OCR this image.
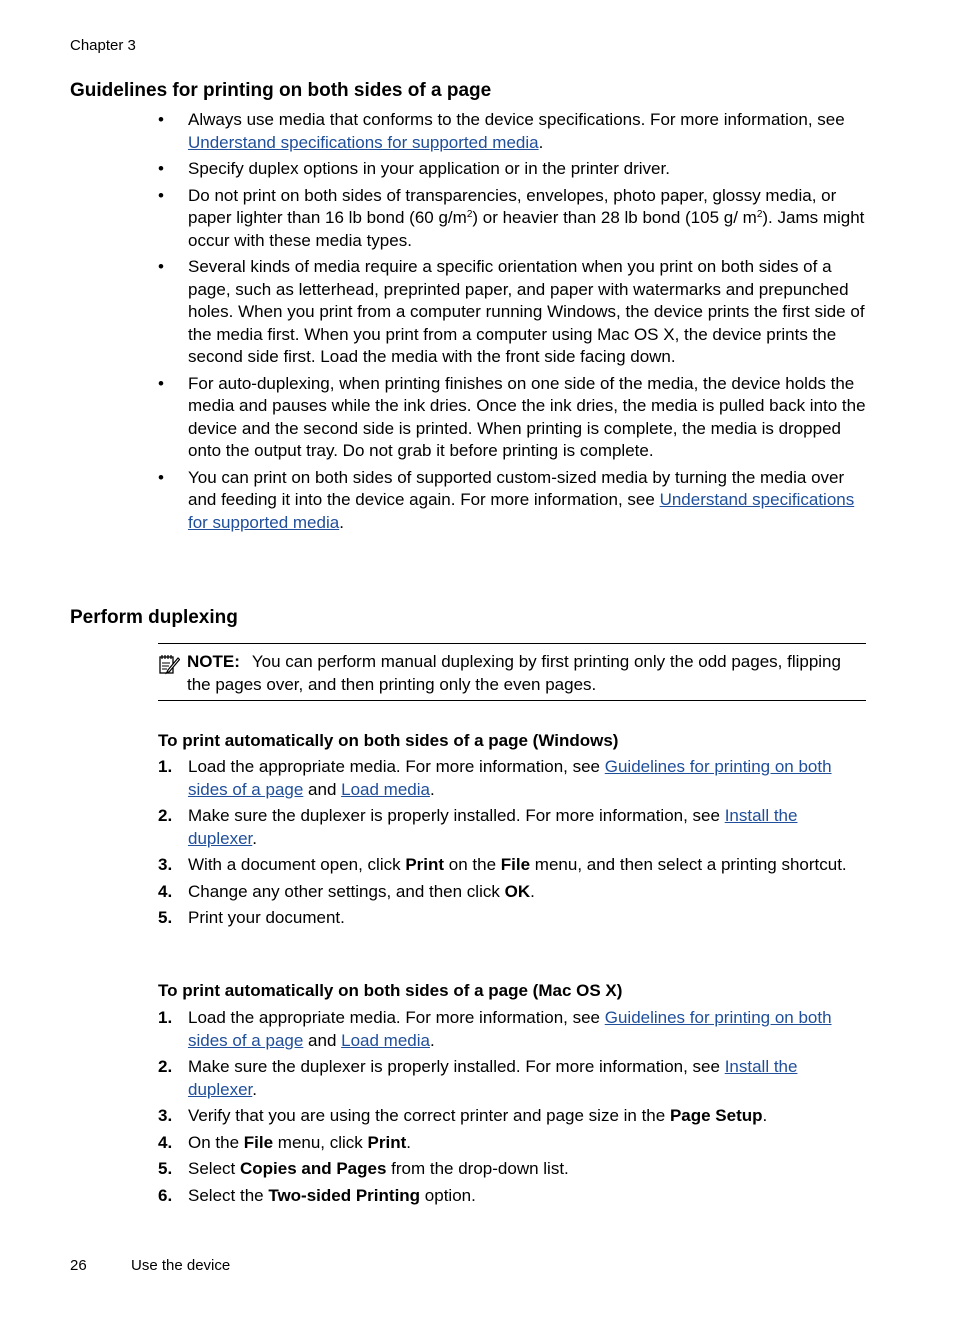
Chapter 3
Guidelines for printing on both sides of a page
• Always use media that conforms to the device specifications. For more information, see Understand specifications for supported media.
• Specify duplex options in your application or in the printer driver.
• Do not print on both sides of transparencies, envelopes, photo paper, glossy media, or paper lighter than 16 lb bond (60 $g/m^2$) or heavier than 28 lb bond (105 g/ $m^2$). Jams might occur with these media types.
• Several kinds of media require a specific orientation when you print on both sides of a page, such as letterhead, preprinted paper, and paper with watermarks and prepunched holes. When you print from a computer running Windows, the device prints the first side of the media first. When you print from a computer using Mac OS X, the device prints the second side first. Load the media with the front side facing down.
• For auto-duplexing, when printing finishes on one side of the media, the device holds the media and pauses while the ink dries. Once the ink dries, the media is pulled back into the device and the second side is printed. When printing is complete, the media is dropped onto the output tray. Do not grab it before printing is complete.
• You can print on both sides of supported custom-sized media by turning the media over and feeding it into the device again. For more information, see Understand specifications for supported media.
Perform duplexing
NOTE: You can perform manual duplexing by first printing only the odd pages, flipping the pages over, and then printing only the even pages.
To print automatically on both sides of a page (Windows)
1. Load the appropriate media. For more information, see Guidelines for printing on both sides of a page and Load media.
2. Make sure the duplexer is properly installed. For more information, see Install the duplexer.
3. With a document open, click Print on the File menu, and then select a printing shortcut.
4. Change any other settings, and then click OK.
5. Print your document.
To print automatically on both sides of a page (Mac OS X)
1. Load the appropriate media. For more information, see Guidelines for printing on both sides of a page and Load media.
2. Make sure the duplexer is properly installed. For more information, see Install the duplexer.
3. Verify that you are using the correct printer and page size in the Page Setup.
4. On the File menu, click Print.
5. Select Copies and Pages from the drop-down list.
6. Select the Two-sided Printing option.
26	Use the device
